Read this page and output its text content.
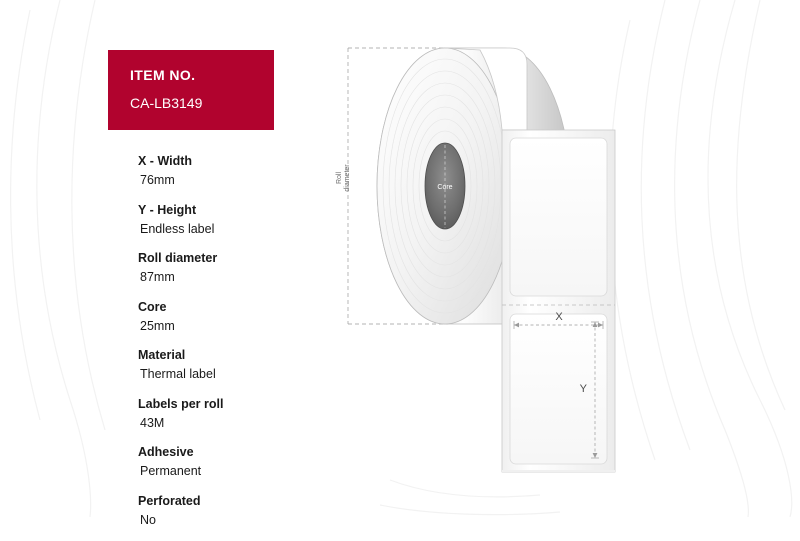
ITEM NO.
CA-LB3149
X - Width
76mm
Y - Height
Endless label
Roll diameter
87mm
Core
25mm
Material
Thermal label
Labels per roll
43M
Adhesive
Permanent
Perforated
No
Roll diameter	Core
X
Y
